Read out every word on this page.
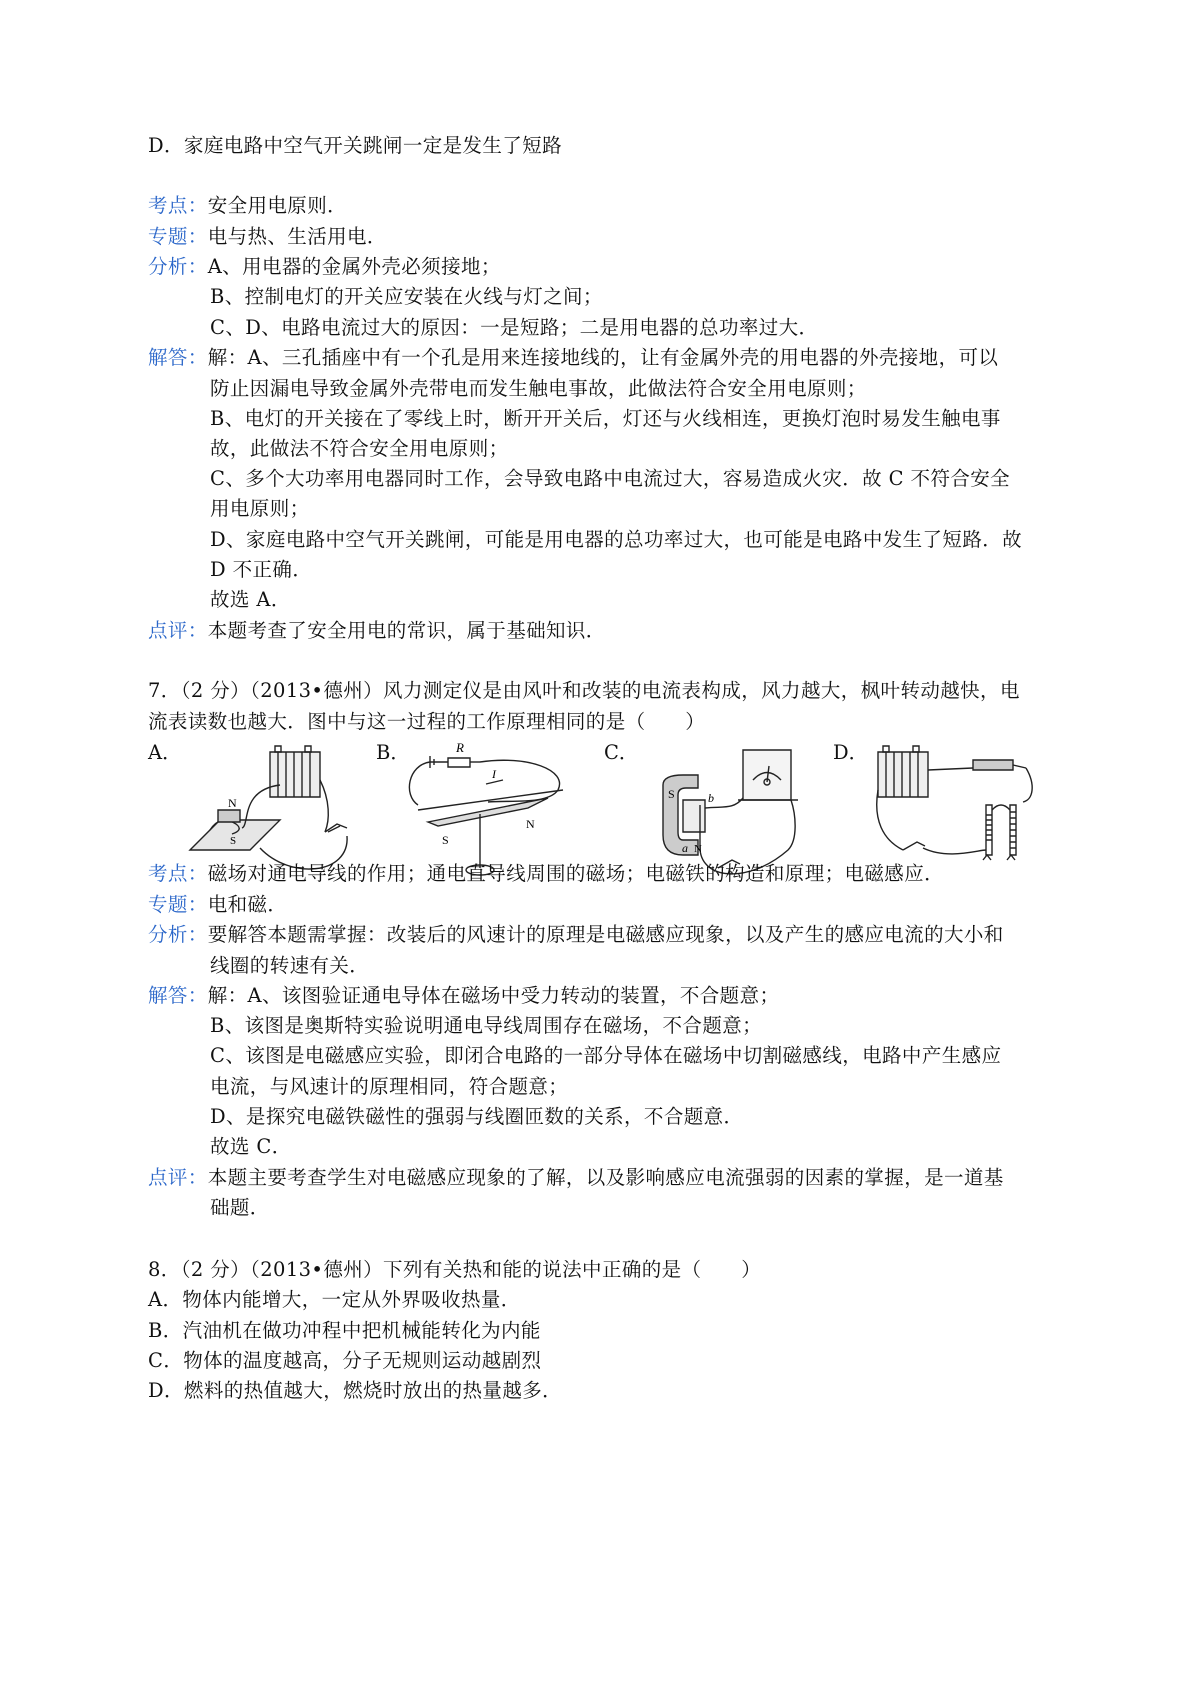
D．家庭电路中空气开关跳闸一定是发生了短路
考点：安全用电原则．
专题：电与热、生活用电．
分析：A、用电器的金属外壳必须接地；
B、控制电灯的开关应安装在火线与灯之间；
C、D、电路电流过大的原因：一是短路；二是用电器的总功率过大．
解答：解：A、三孔插座中有一个孔是用来连接地线的，让有金属外壳的用电器的外壳接地，可以
防止因漏电导致金属外壳带电而发生触电事故，此做法符合安全用电原则；
B、电灯的开关接在了零线上时，断开开关后，灯还与火线相连，更换灯泡时易发生触电事
故，此做法不符合安全用电原则；
C、多个大功率用电器同时工作，会导致电路中电流过大，容易造成火灾．故 C 不符合安全
用电原则；
D、家庭电路中空气开关跳闸，可能是用电器的总功率过大，也可能是电路中发生了短路．故
D 不正确．
故选 A．
点评：本题考查了安全用电的常识，属于基础知识．
7．（2 分）（2013•德州）风力测定仪是由风叶和改装的电流表构成，风力越大，枫叶转动越快，电
流表读数也越大．图中与这一过程的工作原理相同的是（　　）
A．	B．	C．	D．
N
S
R
I
S
N
S	b
a N
考点：磁场对通电导线的作用；通电直导线周围的磁场；电磁铁的构造和原理；电磁感应．
专题：电和磁．
分析：要解答本题需掌握：改装后的风速计的原理是电磁感应现象，以及产生的感应电流的大小和
线圈的转速有关．
解答：解：A、该图验证通电导体在磁场中受力转动的装置，不合题意；
B、该图是奥斯特实验说明通电导线周围存在磁场，不合题意；
C、该图是电磁感应实验，即闭合电路的一部分导体在磁场中切割磁感线，电路中产生感应
电流，与风速计的原理相同，符合题意；
D、是探究电磁铁磁性的强弱与线圈匝数的关系，不合题意．
故选 C．
点评：本题主要考查学生对电磁感应现象的了解，以及影响感应电流强弱的因素的掌握，是一道基
础题．
8．（2 分）（2013•德州）下列有关热和能的说法中正确的是（　　）
A．物体内能增大，一定从外界吸收热量．
B．汽油机在做功冲程中把机械能转化为内能
C．物体的温度越高，分子无规则运动越剧烈
D．燃料的热值越大，燃烧时放出的热量越多．
